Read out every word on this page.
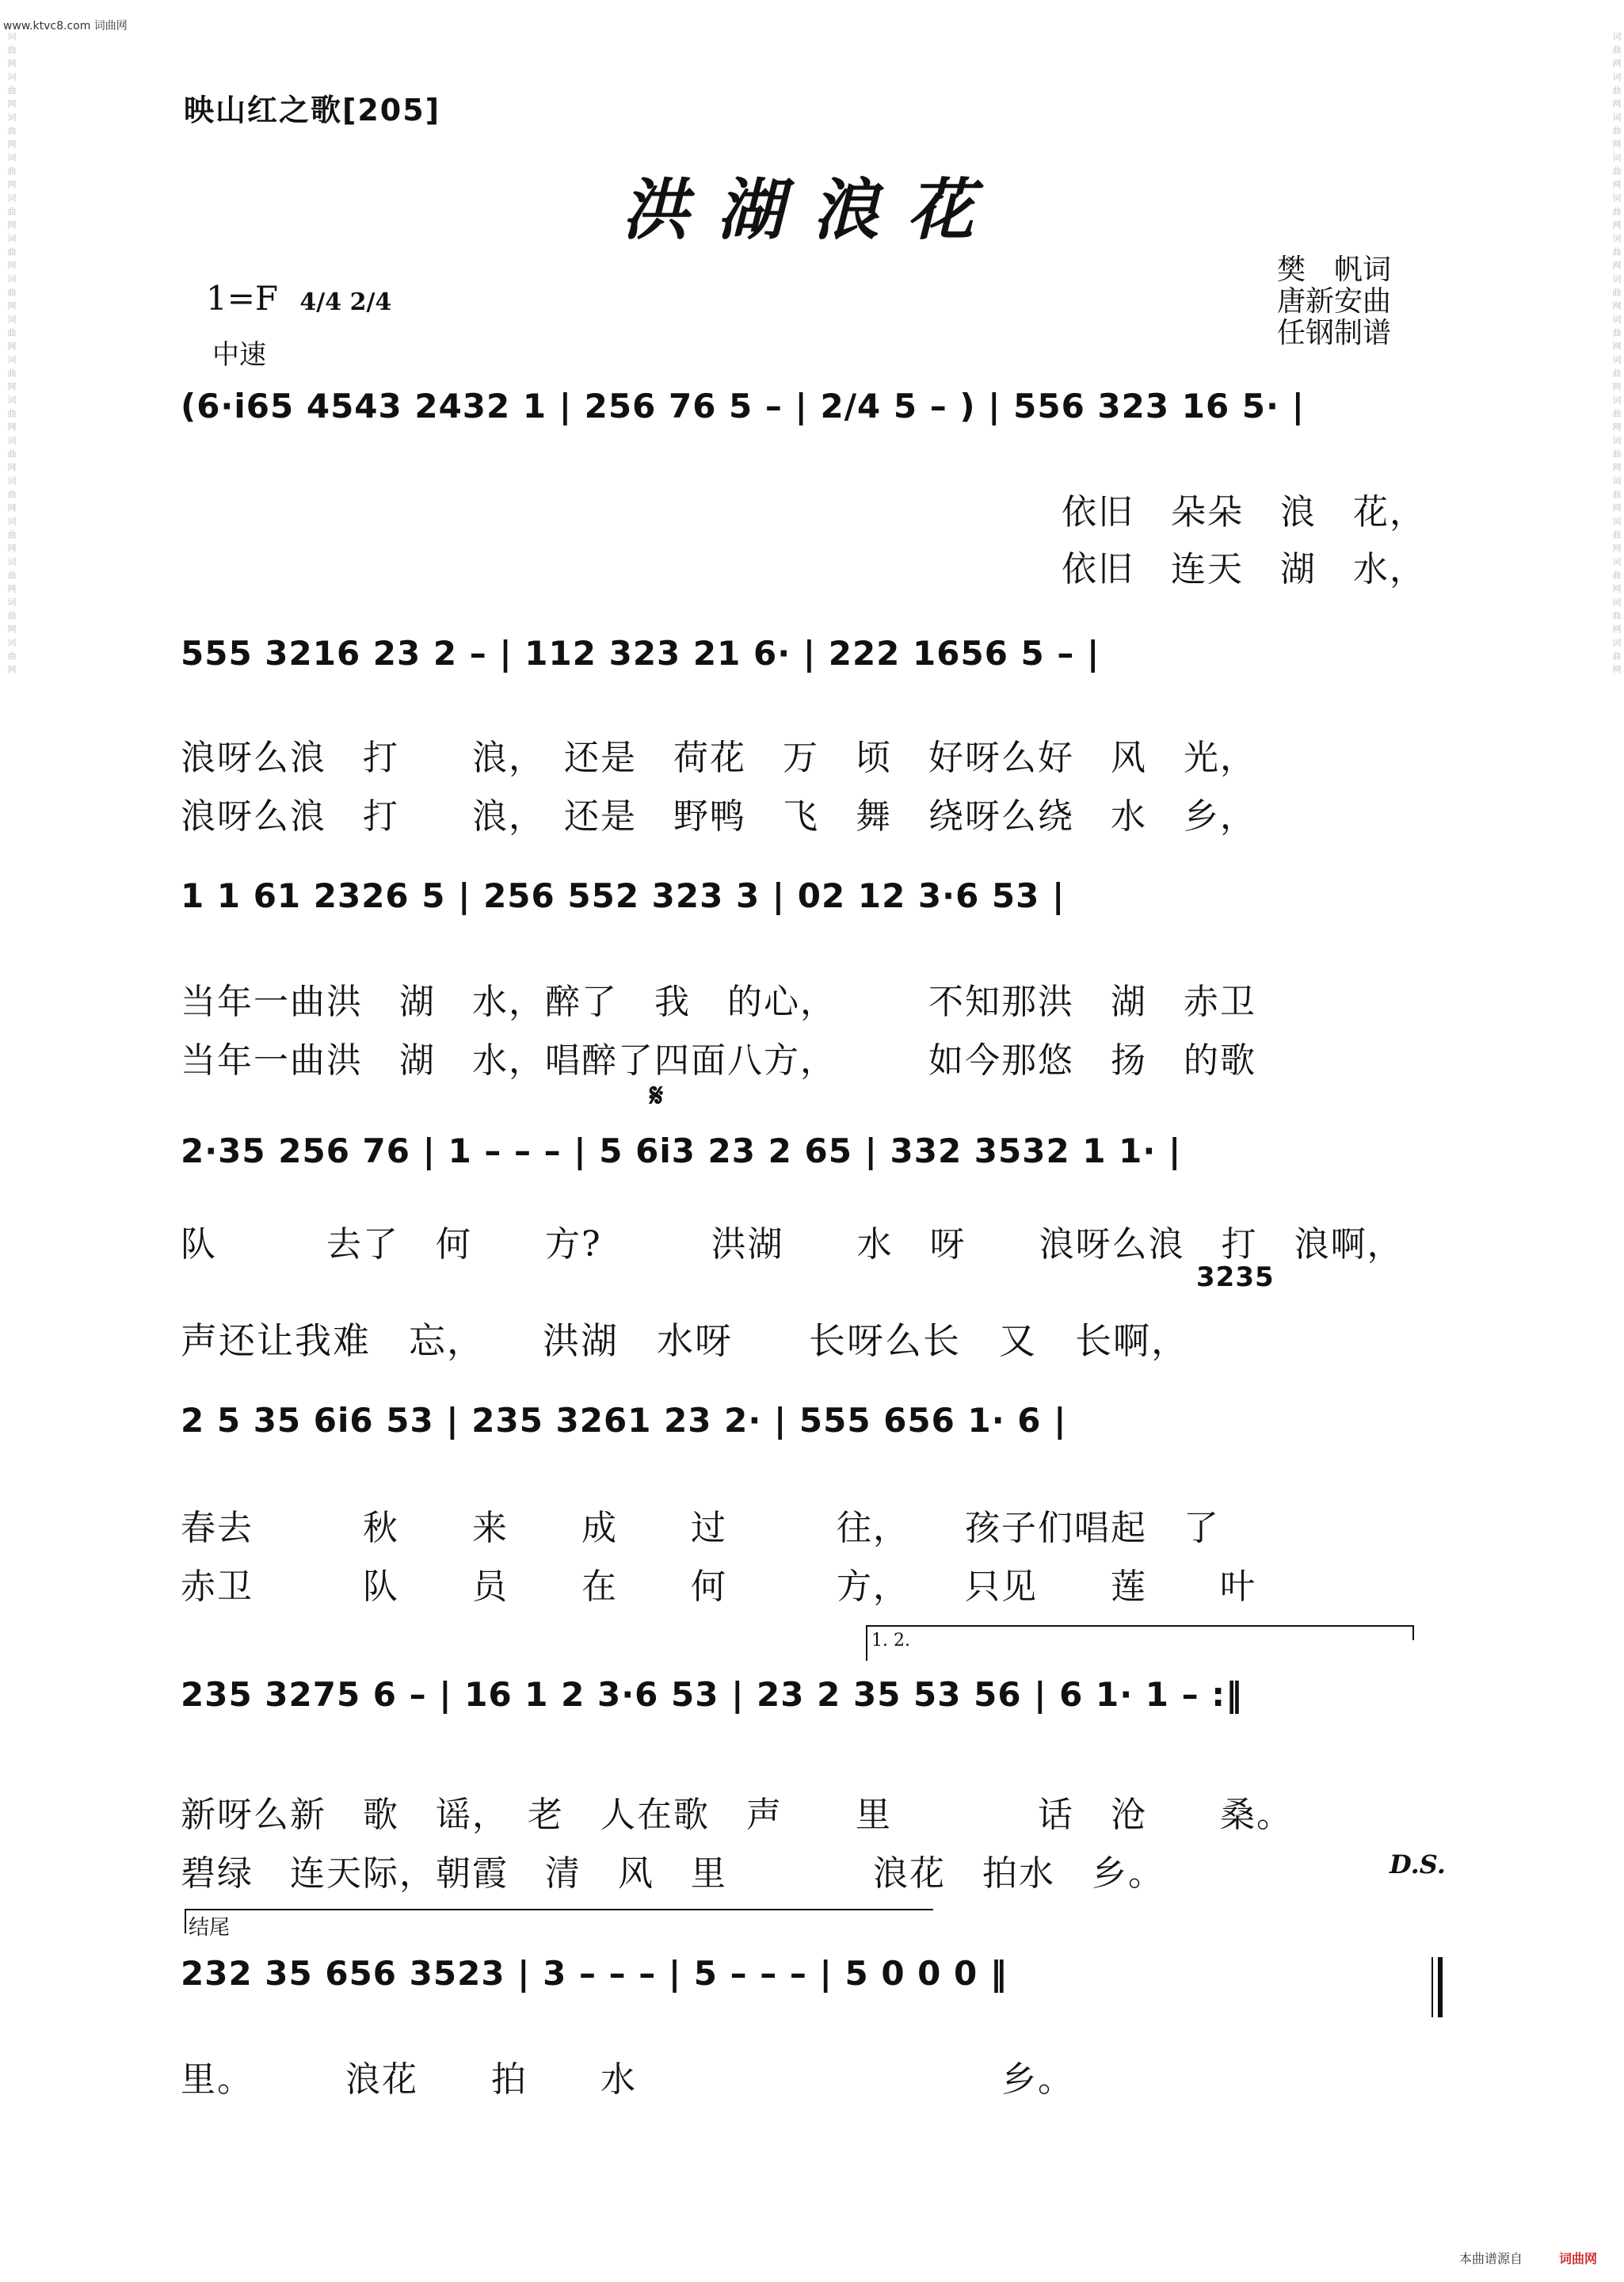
www.ktvc8.com 词曲网
词曲网词曲网词曲网词曲网词曲网词曲网词曲网词曲网词曲网词曲网词曲网词曲网词曲网词曲网词曲网词曲网	词曲网词曲网词曲网词曲网词曲网词曲网词曲网词曲网词曲网词曲网词曲网词曲网词曲网词曲网词曲网词曲网
映山红之歌[205]
洪湖浪花
樊　帆词
唐新安曲
任钢制谱
1=F 4/4 2/4
中速
(6·i65 4543 2432 1 | 256 76 5 – | 2/4 5 – ) | 556 323 16 5· |
依旧　朵朵　浪　花，
依旧　连天　湖　水，
555 3216 23 2 – | 112 323 21 6· | 222 1656 5 – |
浪呀么浪　打　　浪，　还是　荷花　万　顷　好呀么好　风　光，
浪呀么浪　打　　浪，　还是　野鸭　飞　舞　绕呀么绕　水　乡，
1 1 61 2326 5 | 256 552 323 3 | 02 12 3·6 53 |
当年一曲洪　湖　水，醉了　我　的心，　　　不知那洪　湖　赤卫
当年一曲洪　湖　水，唱醉了四面八方，　　　如今那悠　扬　的歌
𝄋
2·35 256 76 | 1 – – – | 5 6i3 23 2 65 | 332 3532 1 1· |
队　　　去了　何　　方?　　　洪湖　　水　呀　　浪呀么浪　打　浪啊，
3235
声还让我难　忘，　　洪湖　水呀　　长呀么长　又　长啊，
2 5 35 6i6 53 | 235 3261 23 2· | 555 656 1· 6 |
春去　　　秋　　来　　成　　过　　　往，　　孩子们唱起　了
赤卫　　　队　　员　　在　　何　　　方，　　只见　　莲　　叶
1. 2.
235 3275 6 – | 16 1 2 3·6 53 | 23 2 35 53 56 | 6 1· 1 – :‖
新呀么新　歌　谣，　老　人在歌　声　　里　　　　话　沧　　桑。
碧绿　连天际，朝霞　清　风　里　　　　浪花　拍水　乡。	D.S.
结尾
232 35 656 3523 | 3 – – – | 5 – – – | 5 0 0 0 ‖
里。　　　浪花　　拍　　水　　　　　　　　　　乡。
本曲谱源自	词曲网
